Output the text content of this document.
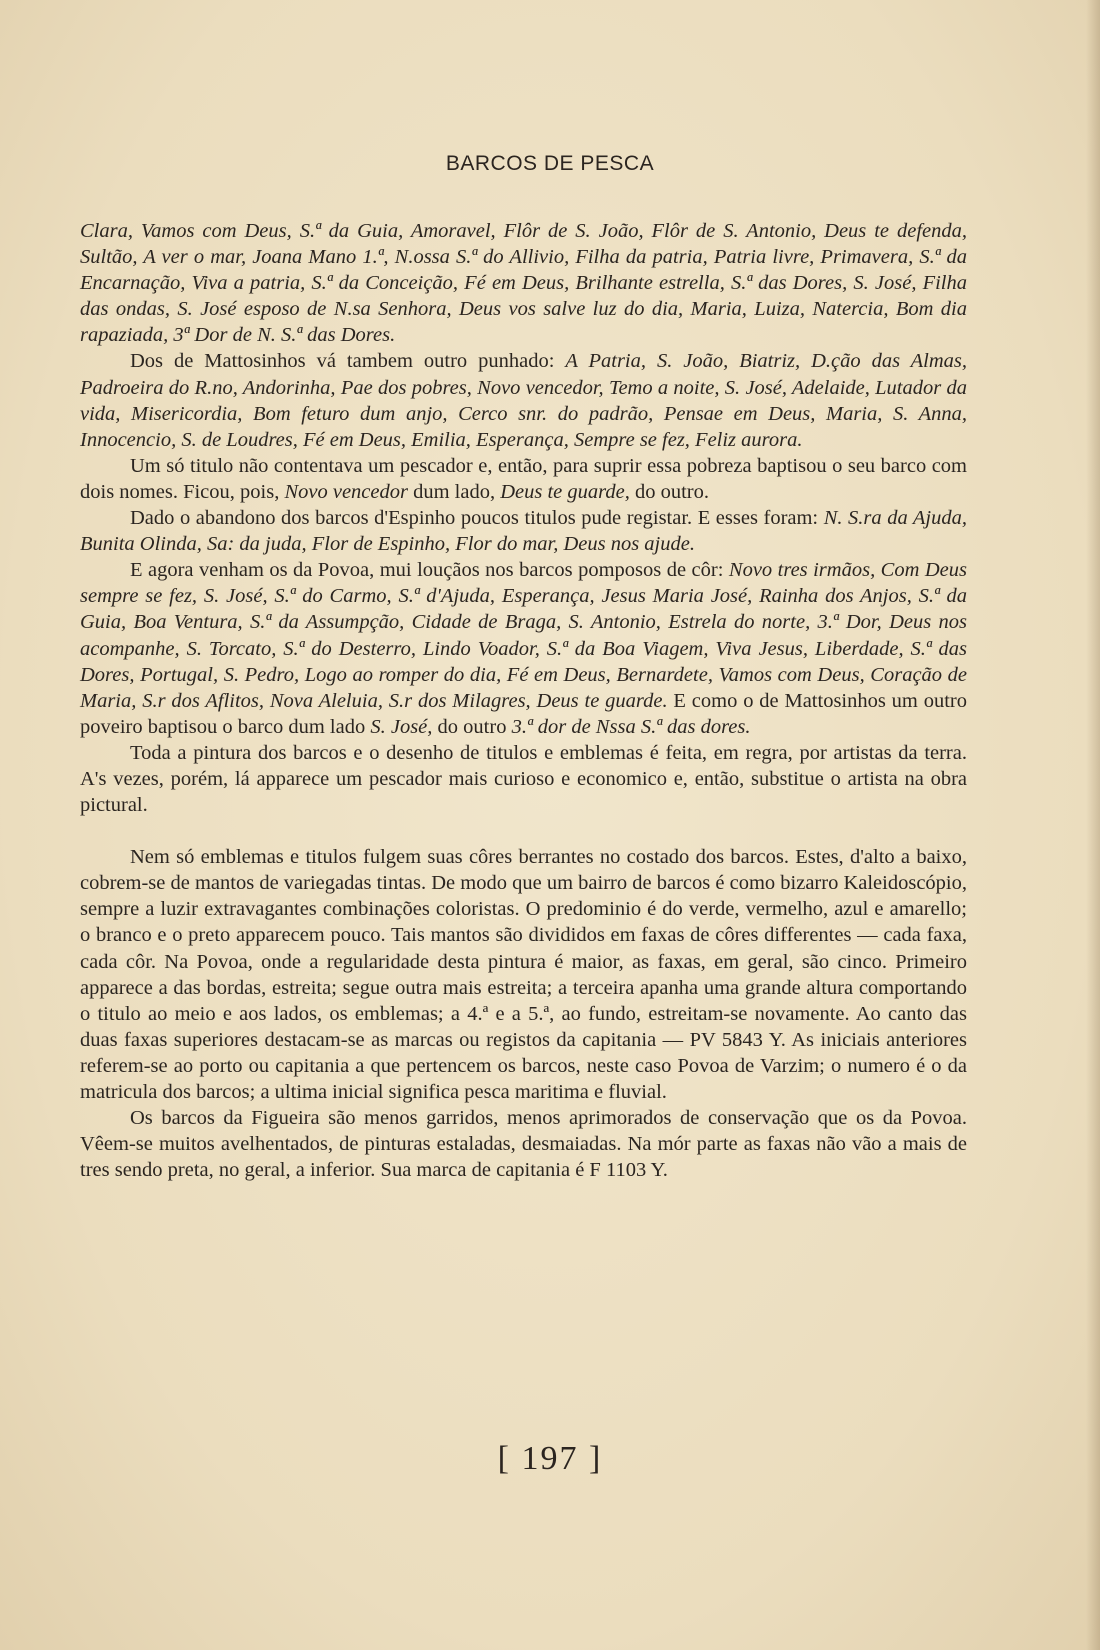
BARCOS DE PESCA

Clara, Vamos com Deus, S.ª da Guia, Amoravel, Flôr de S. João, Flôr de S. Antonio, Deus te defenda, Sultão, A ver o mar, Joana Mano 1.ª, N.ossa S.ª do Allivio, Filha da patria, Patria livre, Primavera, S.ª da Encarnação, Viva a patria, S.ª da Conceição, Fé em Deus, Brilhante estrella, S.ª das Dores, S. José, Filha das ondas, S. José esposo de N.sa Senhora, Deus vos salve luz do dia, Maria, Luiza, Natercia, Bom dia rapaziada, 3ª Dor de N. S.ª das Dores.

Dos de Mattosinhos vá tambem outro punhado: A Patria, S. João, Biatriz, D.ção das Almas, Padroeira do R.no, Andorinha, Pae dos pobres, Novo vencedor, Temo a noite, S. José, Adelaide, Lutador da vida, Misericordia, Bom feturo dum anjo, Cerco snr. do padrão, Pensae em Deus, Maria, S. Anna, Innocencio, S. de Loudres, Fé em Deus, Emilia, Esperança, Sempre se fez, Feliz aurora.

Um só titulo não contentava um pescador e, então, para suprir essa pobreza baptisou o seu barco com dois nomes. Ficou, pois, Novo vencedor dum lado, Deus te guarde, do outro.

Dado o abandono dos barcos d'Espinho poucos titulos pude registar. E esses foram: N. S.ra da Ajuda, Bunita Olinda, Sa: da juda, Flor de Espinho, Flor do mar, Deus nos ajude.

E agora venham os da Povoa, mui louçãos nos barcos pomposos de côr: Novo tres irmãos, Com Deus sempre se fez, S. José, S.ª do Carmo, S.ª d'Ajuda, Esperança, Jesus Maria José, Rainha dos Anjos, S.ª da Guia, Boa Ventura, S.ª da Assumpção, Cidade de Braga, S. Antonio, Estrela do norte, 3.ª Dor, Deus nos acompanhe, S. Torcato, S.ª do Desterro, Lindo Voador, S.ª da Boa Viagem, Viva Jesus, Liberdade, S.ª das Dores, Portugal, S. Pedro, Logo ao romper do dia, Fé em Deus, Bernardete, Vamos com Deus, Coração de Maria, S.r dos Aflitos, Nova Aleluia, S.r dos Milagres, Deus te guarde. E como o de Mattosinhos um outro poveiro baptisou o barco dum lado S. José, do outro 3.ª dor de Nssa S.ª das dores.

Toda a pintura dos barcos e o desenho de titulos e emblemas é feita, em regra, por artistas da terra. A's vezes, porém, lá apparece um pescador mais curioso e economico e, então, substitue o artista na obra pictural.

Nem só emblemas e titulos fulgem suas côres berrantes no costado dos barcos. Estes, d'alto a baixo, cobrem-se de mantos de variegadas tintas. De modo que um bairro de barcos é como bizarro Kaleidoscópio, sempre a luzir extravagantes combinações coloristas. O predominio é do verde, vermelho, azul e amarello; o branco e o preto apparecem pouco. Tais mantos são divididos em faxas de côres differentes — cada faxa, cada côr. Na Povoa, onde a regularidade desta pintura é maior, as faxas, em geral, são cinco. Primeiro apparece a das bordas, estreita; segue outra mais estreita; a terceira apanha uma grande altura comportando o titulo ao meio e aos lados, os emblemas; a 4.ª e a 5.ª, ao fundo, estreitam-se novamente. Ao canto das duas faxas superiores destacam-se as marcas ou registos da capitania — PV 5843 Y. As iniciais anteriores referem-se ao porto ou capitania a que pertencem os barcos, neste caso Povoa de Varzim; o numero é o da matricula dos barcos; a ultima inicial significa pesca maritima e fluvial.

Os barcos da Figueira são menos garridos, menos aprimorados de conservação que os da Povoa. Vêem-se muitos avelhentados, de pinturas estaladas, desmaiadas. Na mór parte as faxas não vão a mais de tres sendo preta, no geral, a inferior. Sua marca de capitania é F 1103 Y.

[ 197 ]
